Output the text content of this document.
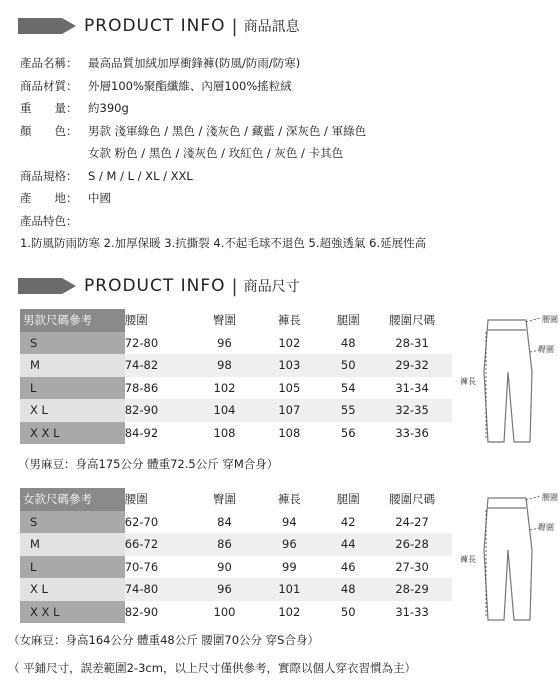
PRODUCT INFO | 商品訊息
產品名稱： 最高品質加絨加厚衝鋒褲(防風/防雨/防寒)
商品材質： 外層100%聚酯纖維、內層100%搖粒絨
重　　量： 約390g
顏　　色： 男款 淺軍綠色 / 黑色 / 淺灰色 / 藏藍 / 深灰色 / 軍綠色
女款 粉色 / 黑色 / 淺灰色 / 玫紅色 / 灰色 / 卡其色
商品規格： S / M / L / XL / XXL
產　　地： 中國
產品特色：
1.防風防雨防寒 2.加厚保暖 3.抗撕裂 4.不起毛球不退色 5.超強透氣 6.延展性高
PRODUCT INFO | 商品尺寸
男款尺碼參考	腰圍	臀圍	褲長	腿圍	腰圍尺碼
S	72-80	96	102	48	28-31
M	74-82	98	103	50	29-32
L	78-86	102	105	54	31-34
X L	82-90	104	107	55	32-35
X X L	84-92	108	108	56	33-36
腰圍
臀圍
褲長
（男麻豆：身高175公分 體重72.5公斤 穿M合身）
女款尺碼參考	腰圍	臀圍	褲長	腿圍	腰圍尺碼
S	62-70	84	94	42	24-27
M	66-72	86	96	44	26-28
L	70-76	90	99	46	27-30
X L	74-80	96	101	48	28-29
X X L	82-90	100	102	50	31-33
腰圍
臀圍
褲長
（女麻豆：身高164公分 體重48公斤 腰圍70公分 穿S合身）
（ 平鋪尺寸，誤差範圍2-3cm，以上尺寸僅供參考，實際以個人穿衣習慣為主）
